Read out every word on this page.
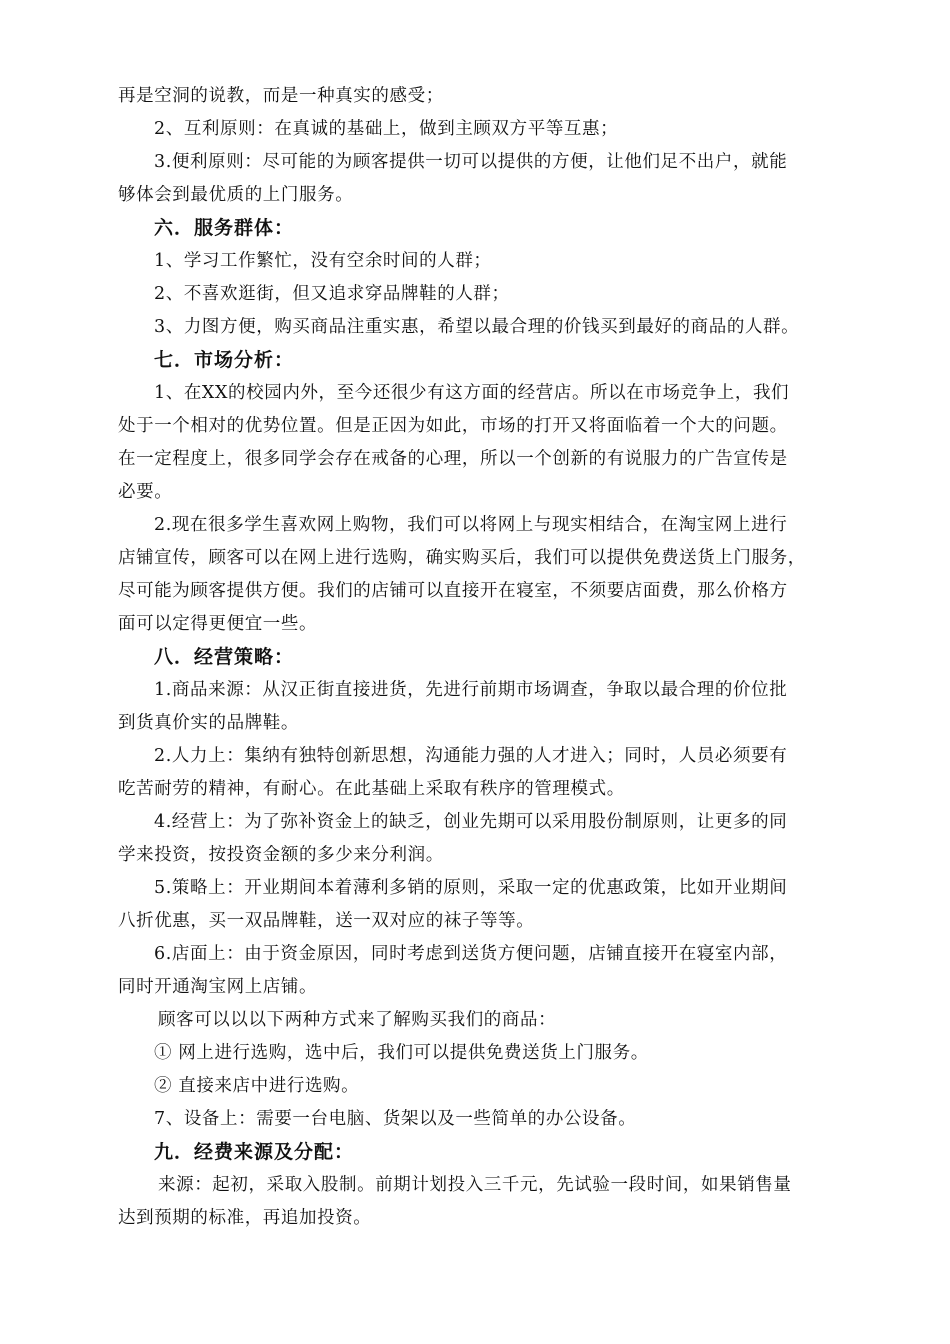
再是空洞的说教，而是一种真实的感受；
2、互利原则：在真诚的基础上，做到主顾双方平等互惠；
3.便利原则：尽可能的为顾客提供一切可以提供的方便，让他们足不出户，就能
够体会到最优质的上门服务。
六．服务群体：
1、学习工作繁忙，没有空余时间的人群；
2、不喜欢逛街，但又追求穿品牌鞋的人群；
3、力图方便，购买商品注重实惠，希望以最合理的价钱买到最好的商品的人群。
七．市场分析：
1、在XX的校园内外，至今还很少有这方面的经营店。所以在市场竞争上，我们
处于一个相对的优势位置。但是正因为如此，市场的打开又将面临着一个大的问题。
在一定程度上，很多同学会存在戒备的心理，所以一个创新的有说服力的广告宣传是
必要。
2.现在很多学生喜欢网上购物，我们可以将网上与现实相结合，在淘宝网上进行
店铺宣传，顾客可以在网上进行选购，确实购买后，我们可以提供免费送货上门服务，
尽可能为顾客提供方便。我们的店铺可以直接开在寝室，不须要店面费，那么价格方
面可以定得更便宜一些。
八．经营策略：
1.商品来源：从汉正街直接进货，先进行前期市场调查，争取以最合理的价位批
到货真价实的品牌鞋。
2.人力上：集纳有独特创新思想，沟通能力强的人才进入；同时，人员必须要有
吃苦耐劳的精神，有耐心。在此基础上采取有秩序的管理模式。
4.经营上：为了弥补资金上的缺乏，创业先期可以采用股份制原则，让更多的同
学来投资，按投资金额的多少来分利润。
5.策略上：开业期间本着薄利多销的原则，采取一定的优惠政策，比如开业期间
八折优惠，买一双品牌鞋，送一双对应的袜子等等。
6.店面上：由于资金原因，同时考虑到送货方便问题，店铺直接开在寝室内部，
同时开通淘宝网上店铺。
顾客可以以以下两种方式来了解购买我们的商品：
① 网上进行选购，选中后，我们可以提供免费送货上门服务。
② 直接来店中进行选购。
7、设备上：需要一台电脑、货架以及一些简单的办公设备。
九．经费来源及分配：
来源：起初，采取入股制。前期计划投入三千元，先试验一段时间，如果销售量
达到预期的标准，再追加投资。
